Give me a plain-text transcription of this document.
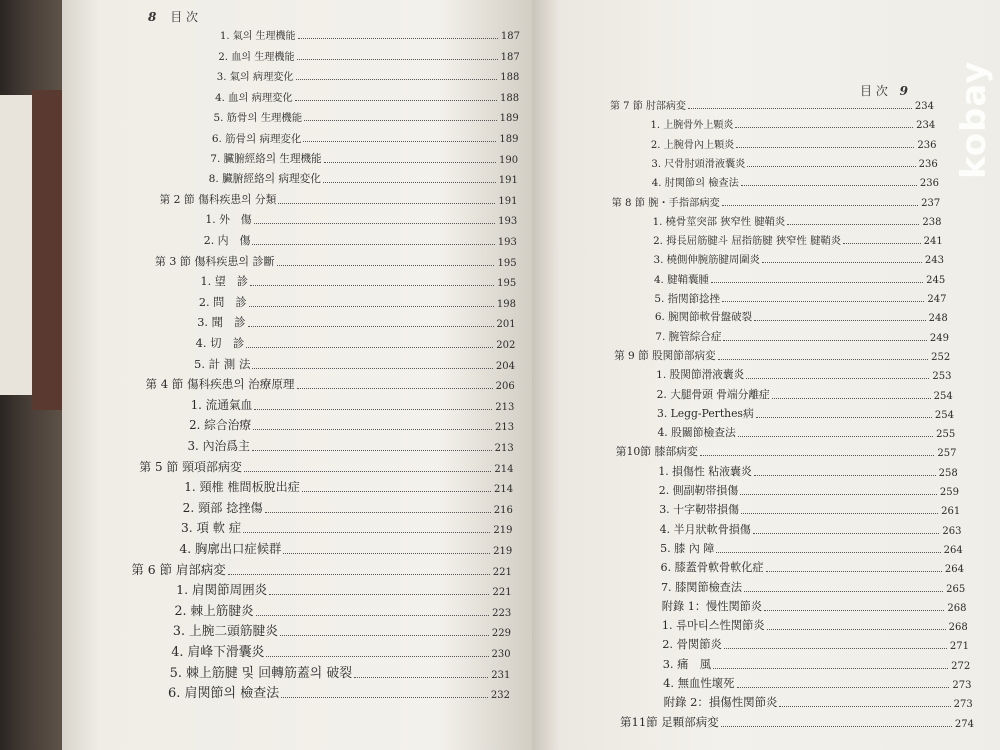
8 目 次
1. 氣의 生理機能	187
2. 血의 生理機能	187
3. 氣의 病理変化	188
4. 血의 病理変化	188
5. 筋骨의 生理機能	189
6. 筋骨의 病理変化	189
7. 臟腑經絡의 生理機能	190
8. 臟腑經絡의 病理変化	191
第 2 節 傷科疾患의 分類	191
1. 外　傷	193
2. 内　傷	193
第 3 節 傷科疾患의 診斷	195
1. 望　診	195
2. 問　診	198
3. 聞　診	201
4. 切　診	202
5. 計 測 法	204
第 4 節 傷科疾患의 治療原理	206
1. 流通氣血	213
2. 綜合治療	213
3. 內治爲主	213
第 5 節 頸項部病変	214
1. 頸椎 椎間板脫出症	214
2. 頸部 捻挫傷	216
3. 項 軟 症	219
4. 胸廓出口症候群	219
第 6 節 肩部病変	221
1. 肩関節周囲炎	221
2. 棘上筋腱炎	223
3. 上腕二頭筋腱炎	229
4. 肩峰下滑囊炎	230
5. 棘上筋腱 및 回轉筋蓋의 破裂	231
6. 肩関節의 檢查法	232
目 次 9
第 7 節 肘部病変	234
1. 上腕骨外上顆炎	234
2. 上腕骨內上顆炎	236
3. 尺骨肘頭滑液囊炎	236
4. 肘関節의 檢查法	236
第 8 節 腕・手指部病変	237
1. 橈骨莖突部 狹窄性 腱鞘炎	238
2. 拇長屈筋腱斗 屈指筋腱 狹窄性 腱鞘炎	241
3. 橈側伸腕筋腱周圍炎	243
4. 腱鞘囊腫	245
5. 指関節捻挫	247
6. 腕関節軟骨盤破裂	248
7. 腕管綜合症	249
第 9 節 股関節部病変	252
1. 股関節滑液囊炎	253
2. 大腿骨頭 骨端分離症	254
3. Legg-Perthes病	254
4. 股關節檢查法	255
第10節 膝部病変	257
1. 損傷性 粘液囊炎	258
2. 側副靭帯損傷	259
3. 十字靭帯損傷	261
4. 半月狀軟骨損傷	263
5. 膝 內 障	264
6. 膝蓋骨軟骨軟化症	264
7. 膝関節檢查法	265
附錄 1：慢性関節炎	268
1. 류마티스性関節炎	268
2. 骨関節炎	271
3. 痛　風	272
4. 無血性壞死	273
附錄 2：損傷性関節炎	273
第11節 足顆部病変	274
kobay
